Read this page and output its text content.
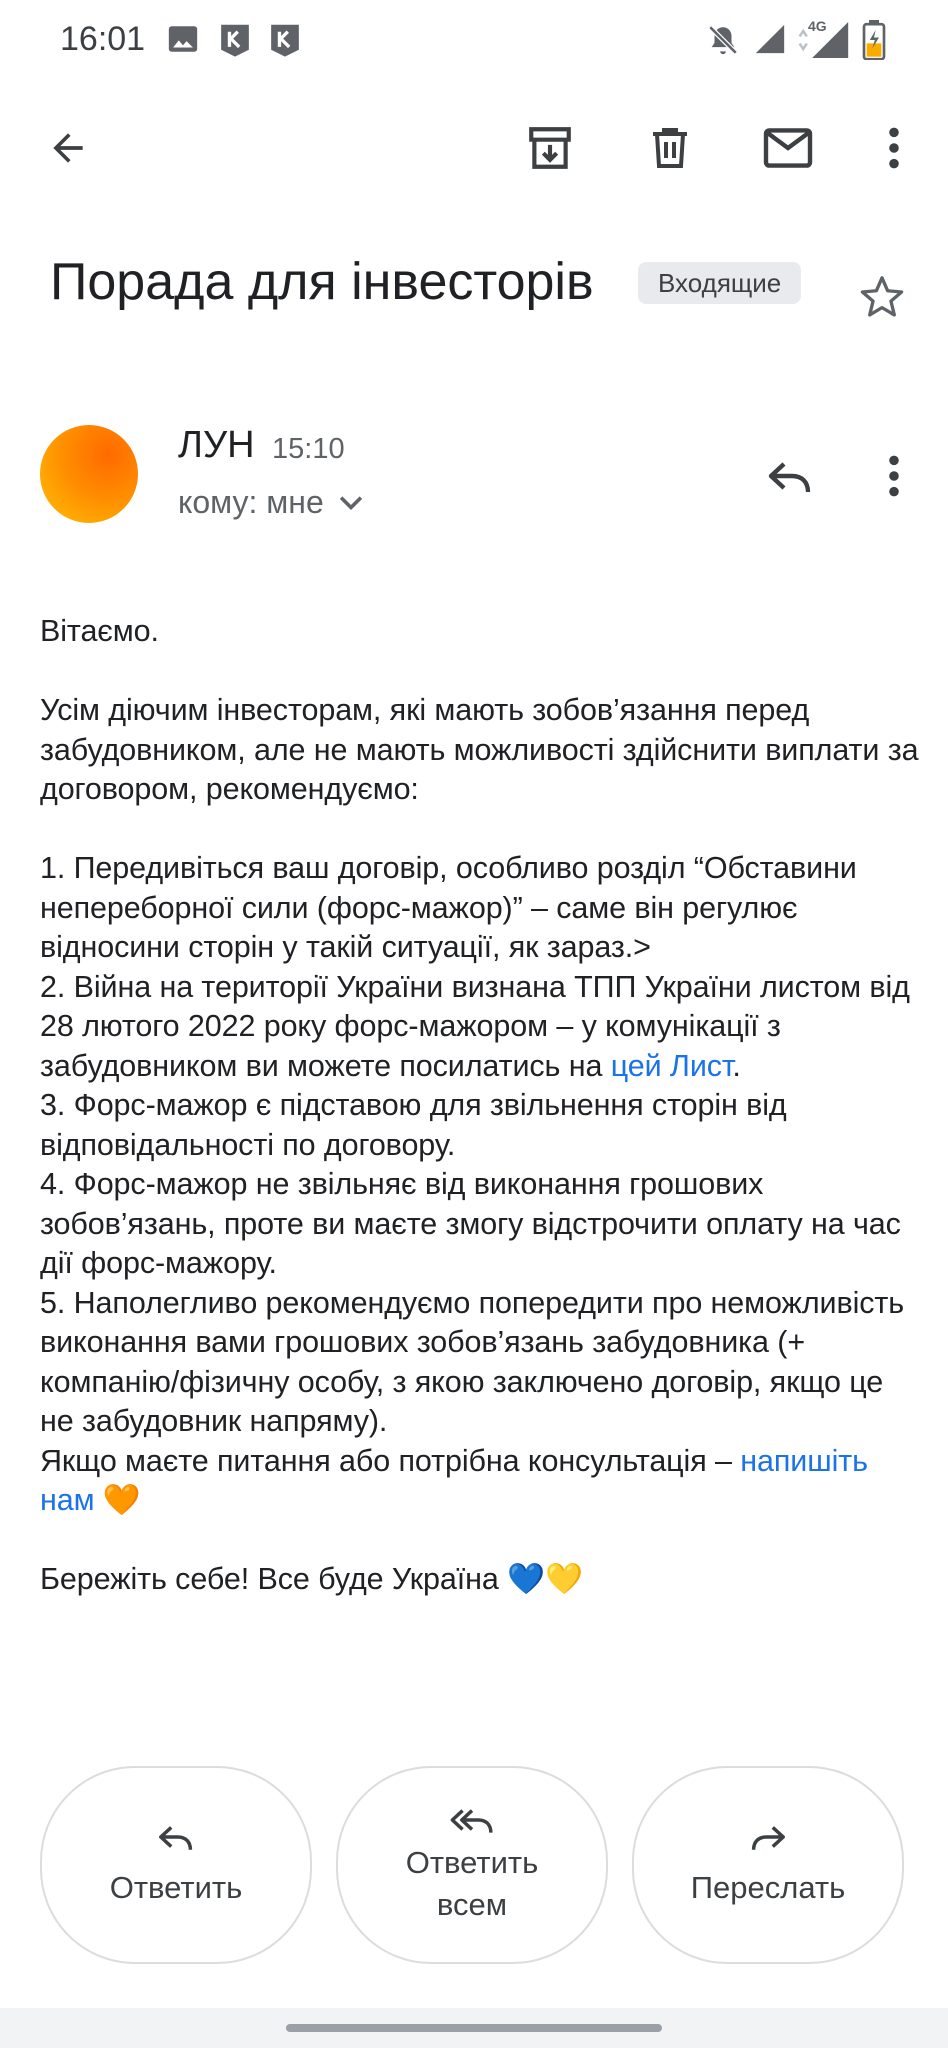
16:01	4G
Порада для інвесторів	Входящие
ЛУН 15:10
кому: мне

Вітаємо.

Усім діючим інвесторам, які мають зобов’язання перед забудовником, але не мають можливості здійснити виплати за договором, рекомендуємо:

1. Передивіться ваш договір, особливо розділ “Обставини непереборної сили (форс-мажор)” – саме він регулює відносини сторін у такій ситуації, як зараз.>

2. Війна на території України визнана ТПП України листом від 28 лютого 2022 року форс-мажором – у комунікації з забудовником ви можете посилатись на цей Лист.

3. Форс-мажор є підставою для звільнення сторін від відповідальності по договору.

4. Форс-мажор не звільняє від виконання грошових зобов’язань, проте ви маєте змогу відстрочити оплату на час дії форс-мажору.

5. Наполегливо рекомендуємо попередити про неможливість виконання вами грошових зобов’язань забудовника (+ компанію/фізичну особу, з якою заключено договір, якщо це не забудовник напряму).

Якщо маєте питання або потрібна консультація – напишіть нам 🧡

Бережіть себе! Все буде Україна 💙💛

Ответить
Ответить всем	Переслать
